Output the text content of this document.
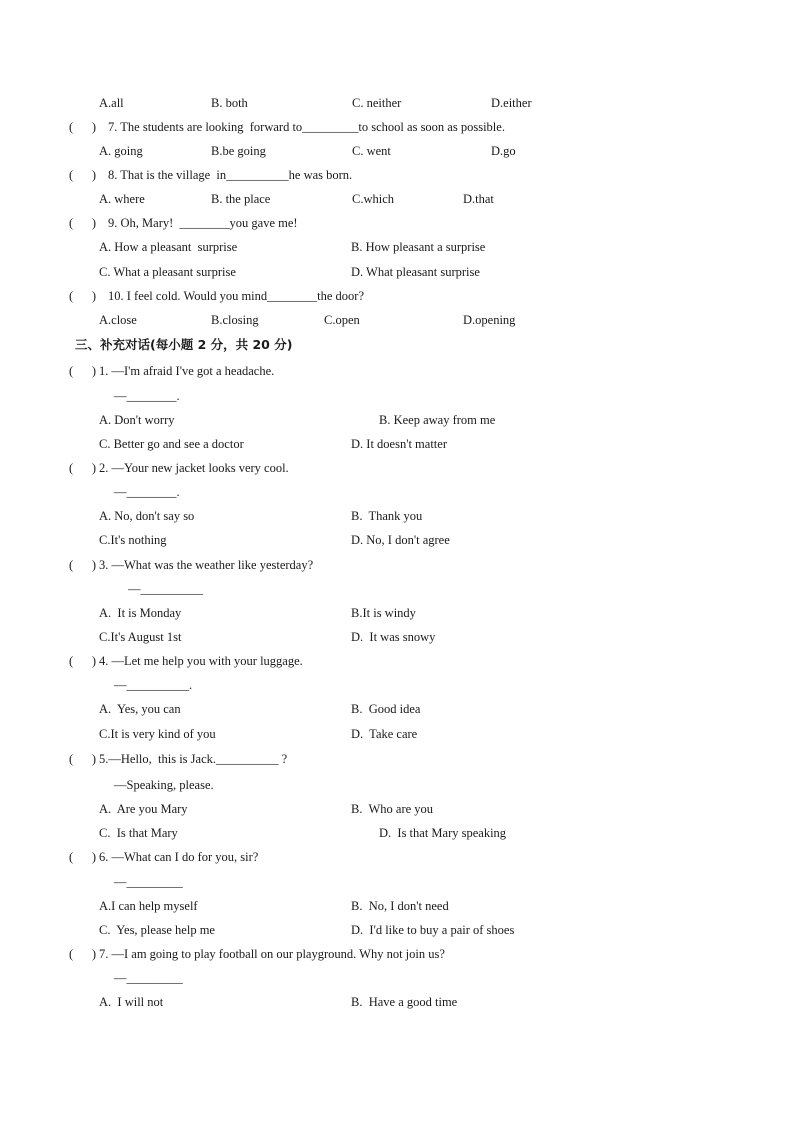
A.all	B. both	C. neither	D.either
(      ) 7. The students are looking  forward to_________to school as soon as possible.
A. going	B.be going	C. went	D.go
(      ) 8. That is the village  in__________he was born.
A. where	B. the place	C.which	D.that
(      ) 9. Oh, Mary!  ________you gave me!
A. How a pleasant  surprise	B. How pleasant a surprise
C. What a pleasant surprise	D. What pleasant surprise
(      ) 10. I feel cold. Would you mind________the door?
A.close	B.closing	C.open	D.opening
三、补充对话(每小题 2 分，共 20 分)
(      ) 1. —I'm afraid I've got a headache.
—________.
A. Don't worry	B. Keep away from me
C. Better go and see a doctor	D. It doesn't matter
(      ) 2. —Your new jacket looks very cool.
—________.
A. No, don't say so	B.  Thank you
C.It's nothing	D. No, I don't agree
(      ) 3. —What was the weather like yesterday?
—__________
A.  It is Monday	B.It is windy
C.It's August 1st	D.  It was snowy
(      ) 4. —Let me help you with your luggage.
—__________.
A.  Yes, you can	B.  Good idea
C.It is very kind of you	D.  Take care
(      ) 5.—Hello,  this is Jack.__________ ?
—Speaking, please.
A.  Are you Mary	B.  Who are you
C.  Is that Mary	D.  Is that Mary speaking
(      ) 6. —What can I do for you, sir?
—_________
A.I can help myself	B.  No, I don't need
C.  Yes, please help me	D.  I'd like to buy a pair of shoes
(      ) 7. —I am going to play football on our playground. Why not join us?
—_________
A.  I will not	B.  Have a good time
